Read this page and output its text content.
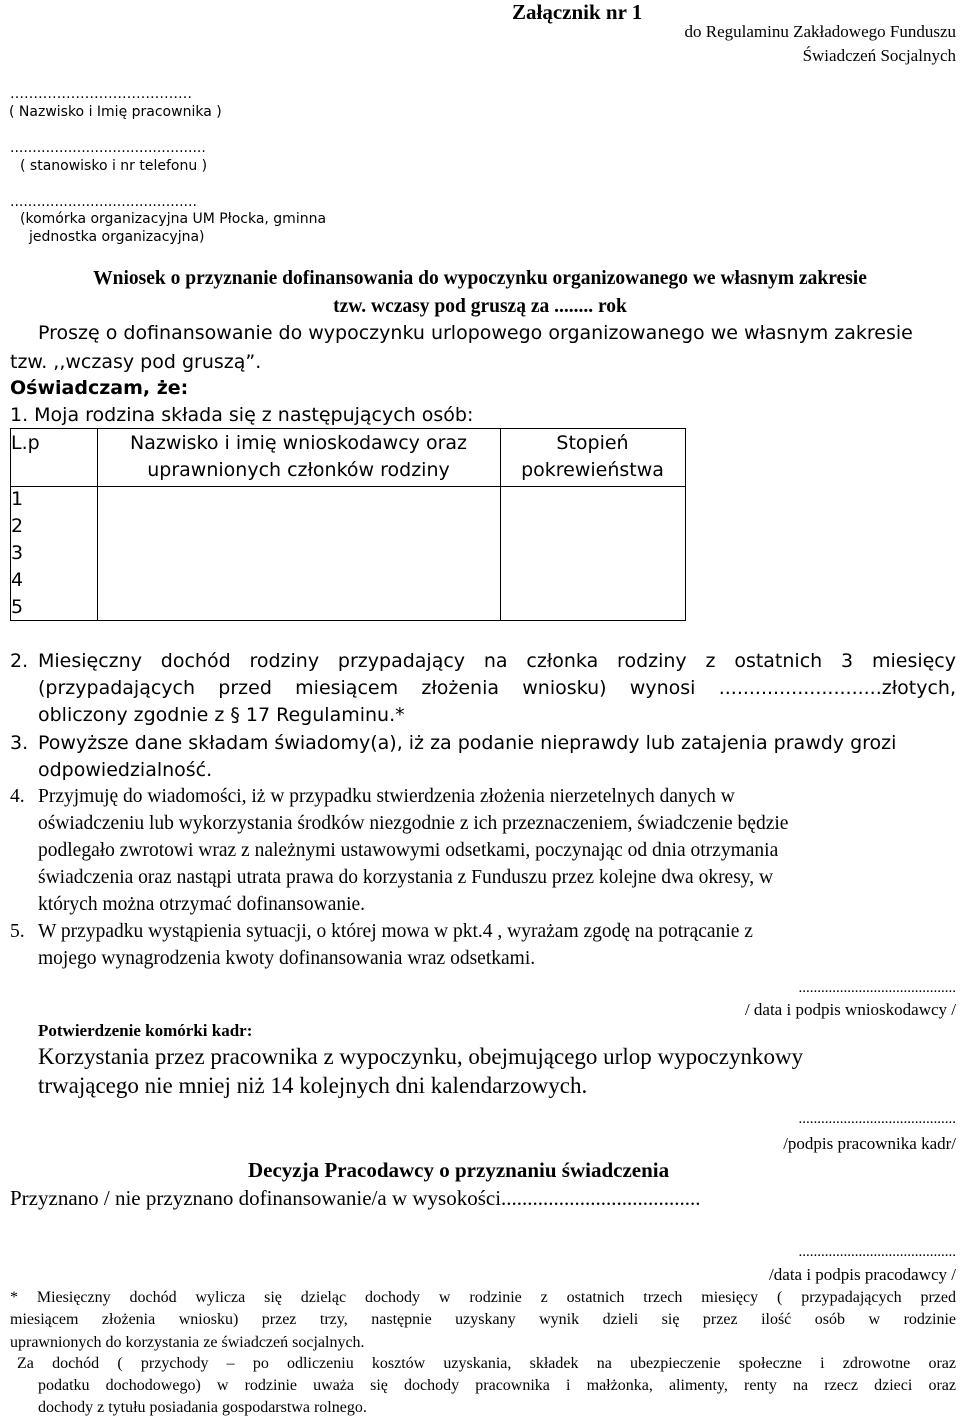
Załącznik nr 1
do Regulaminu Zakładowego Funduszu
Świadczeń Socjalnych
…………………………………
( Nazwisko i Imię pracownika )
............................................
( stanowisko i nr telefonu )
..........................................
(komórka organizacyjna UM Płocka, gminna
jednostka organizacyjna)
Wniosek o przyznanie dofinansowania do wypoczynku organizowanego we własnym zakresie
tzw. wczasy pod gruszą za ........ rok
Proszę o dofinansowanie do wypoczynku urlopowego organizowanego we własnym zakresie
tzw. ,,wczasy pod gruszą”.
Oświadczam, że:
1. Moja rodzina składa się z następujących osób:
L.p	Nazwisko i imię wnioskodawcy oraz
uprawnionych członków rodziny
Stopień
pokrewieństwa
1
2
3
4
5
2. Miesięczny dochód rodziny przypadający na członka rodziny z ostatnich 3 miesięcy
(przypadających przed miesiącem złożenia wniosku) wynosi ...........................złotych,
obliczony zgodnie z § 17 Regulaminu.*
3. Powyższe dane składam świadomy(a), iż za podanie nieprawdy lub zatajenia prawdy grozi
odpowiedzialność.
4. Przyjmuję do wiadomości, iż w przypadku stwierdzenia złożenia nierzetelnych danych w
oświadczeniu lub wykorzystania środków niezgodnie z ich przeznaczeniem, świadczenie będzie
podlegało zwrotowi wraz z należnymi ustawowymi odsetkami, poczynając od dnia otrzymania
świadczenia oraz nastąpi utrata prawa do korzystania z Funduszu przez kolejne dwa okresy, w
których można otrzymać dofinansowanie.
5. W przypadku wystąpienia sytuacji, o której mowa w pkt.4 , wyrażam zgodę na potrącanie z
mojego wynagrodzenia kwoty dofinansowania wraz odsetkami.
..........................................
/ data i podpis wnioskodawcy /
Potwierdzenie komórki kadr:
Korzystania przez pracownika z wypoczynku, obejmującego urlop wypoczynkowy
trwającego nie mniej niż 14 kolejnych dni kalendarzowych.
..........................................
/podpis pracownika kadr/
Decyzja Pracodawcy o przyznaniu świadczenia
Przyznano / nie przyznano dofinansowanie/a w wysokości......................................
..........................................
/data i podpis pracodawcy /
* Miesięczny dochód wylicza się dzieląc dochody w rodzinie z ostatnich trzech miesięcy ( przypadających przed
miesiącem złożenia wniosku) przez trzy, następnie uzyskany wynik dzieli się przez ilość osób w rodzinie
uprawnionych do korzystania ze świadczeń socjalnych.
Za dochód ( przychody – po odliczeniu kosztów uzyskania, składek na ubezpieczenie społeczne i zdrowotne oraz
podatku dochodowego) w rodzinie uważa się dochody pracownika i małżonka, alimenty, renty na rzecz dzieci oraz
dochody z tytułu posiadania gospodarstwa rolnego.
